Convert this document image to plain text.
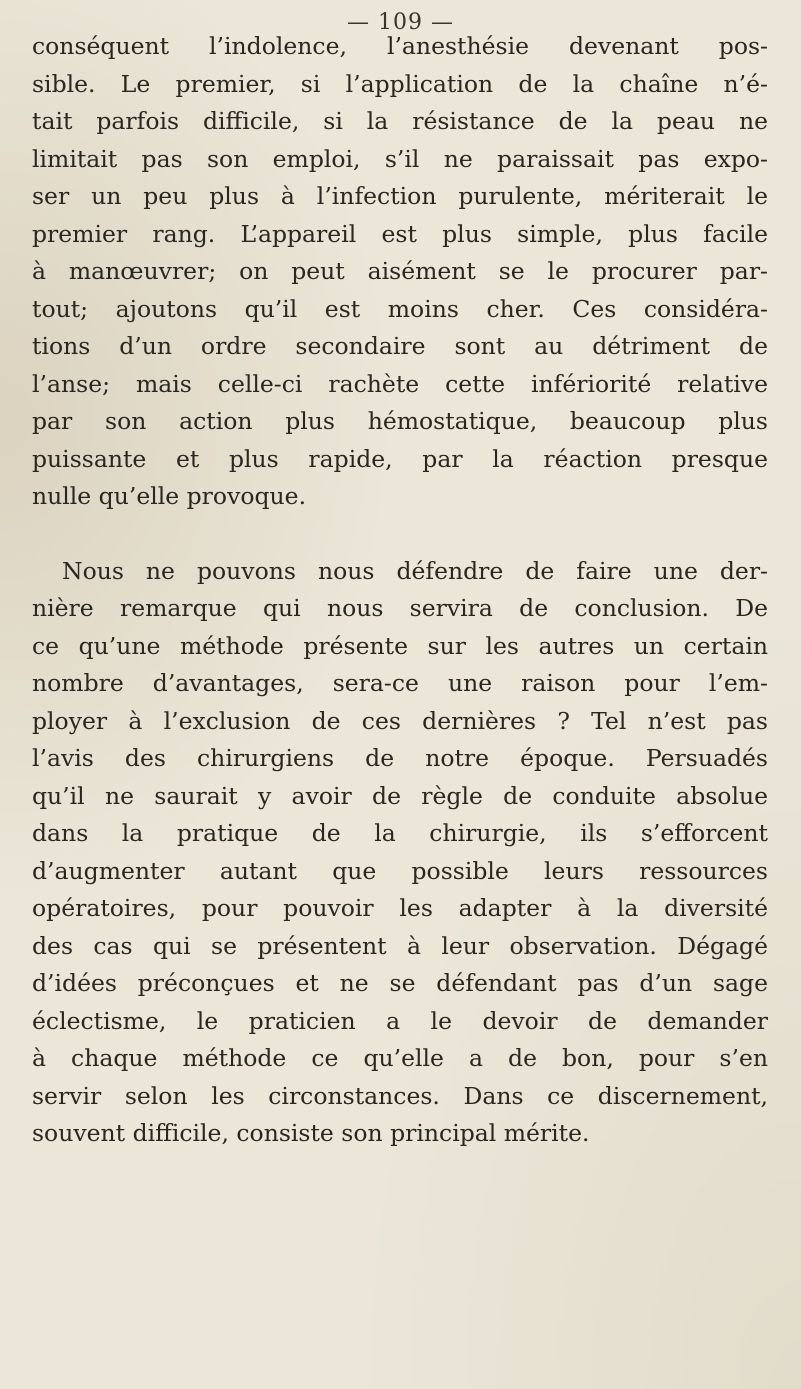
— 109 —
conséquent l’indolence, l’anesthésie devenant pos-
sible. Le premier, si l’application de la chaîne n’é-
tait parfois difficile, si la résistance de la peau ne
limitait pas son emploi, s’il ne paraissait pas expo-
ser un peu plus à l’infection purulente, mériterait le
premier rang. L’appareil est plus simple, plus facile
à manœuvrer; on peut aisément se le procurer par-
tout; ajoutons qu’il est moins cher. Ces considéra-
tions d’un ordre secondaire sont au détriment de
l’anse; mais celle-ci rachète cette infériorité relative
par son action plus hémostatique, beaucoup plus
puissante et plus rapide, par la réaction presque
nulle qu’elle provoque.
Nous ne pouvons nous défendre de faire une der-
nière remarque qui nous servira de conclusion. De
ce qu’une méthode présente sur les autres un certain
nombre d’avantages, sera-ce une raison pour l’em-
ployer à l’exclusion de ces dernières ? Tel n’est pas
l’avis des chirurgiens de notre époque. Persuadés
qu’il ne saurait y avoir de règle de conduite absolue
dans la pratique de la chirurgie, ils s’efforcent
d’augmenter autant que possible leurs ressources
opératoires, pour pouvoir les adapter à la diversité
des cas qui se présentent à leur observation. Dégagé
d’idées préconçues et ne se défendant pas d’un sage
éclectisme, le praticien a le devoir de demander
à chaque méthode ce qu’elle a de bon, pour s’en
servir selon les circonstances. Dans ce discernement,
souvent difficile, consiste son principal mérite.
